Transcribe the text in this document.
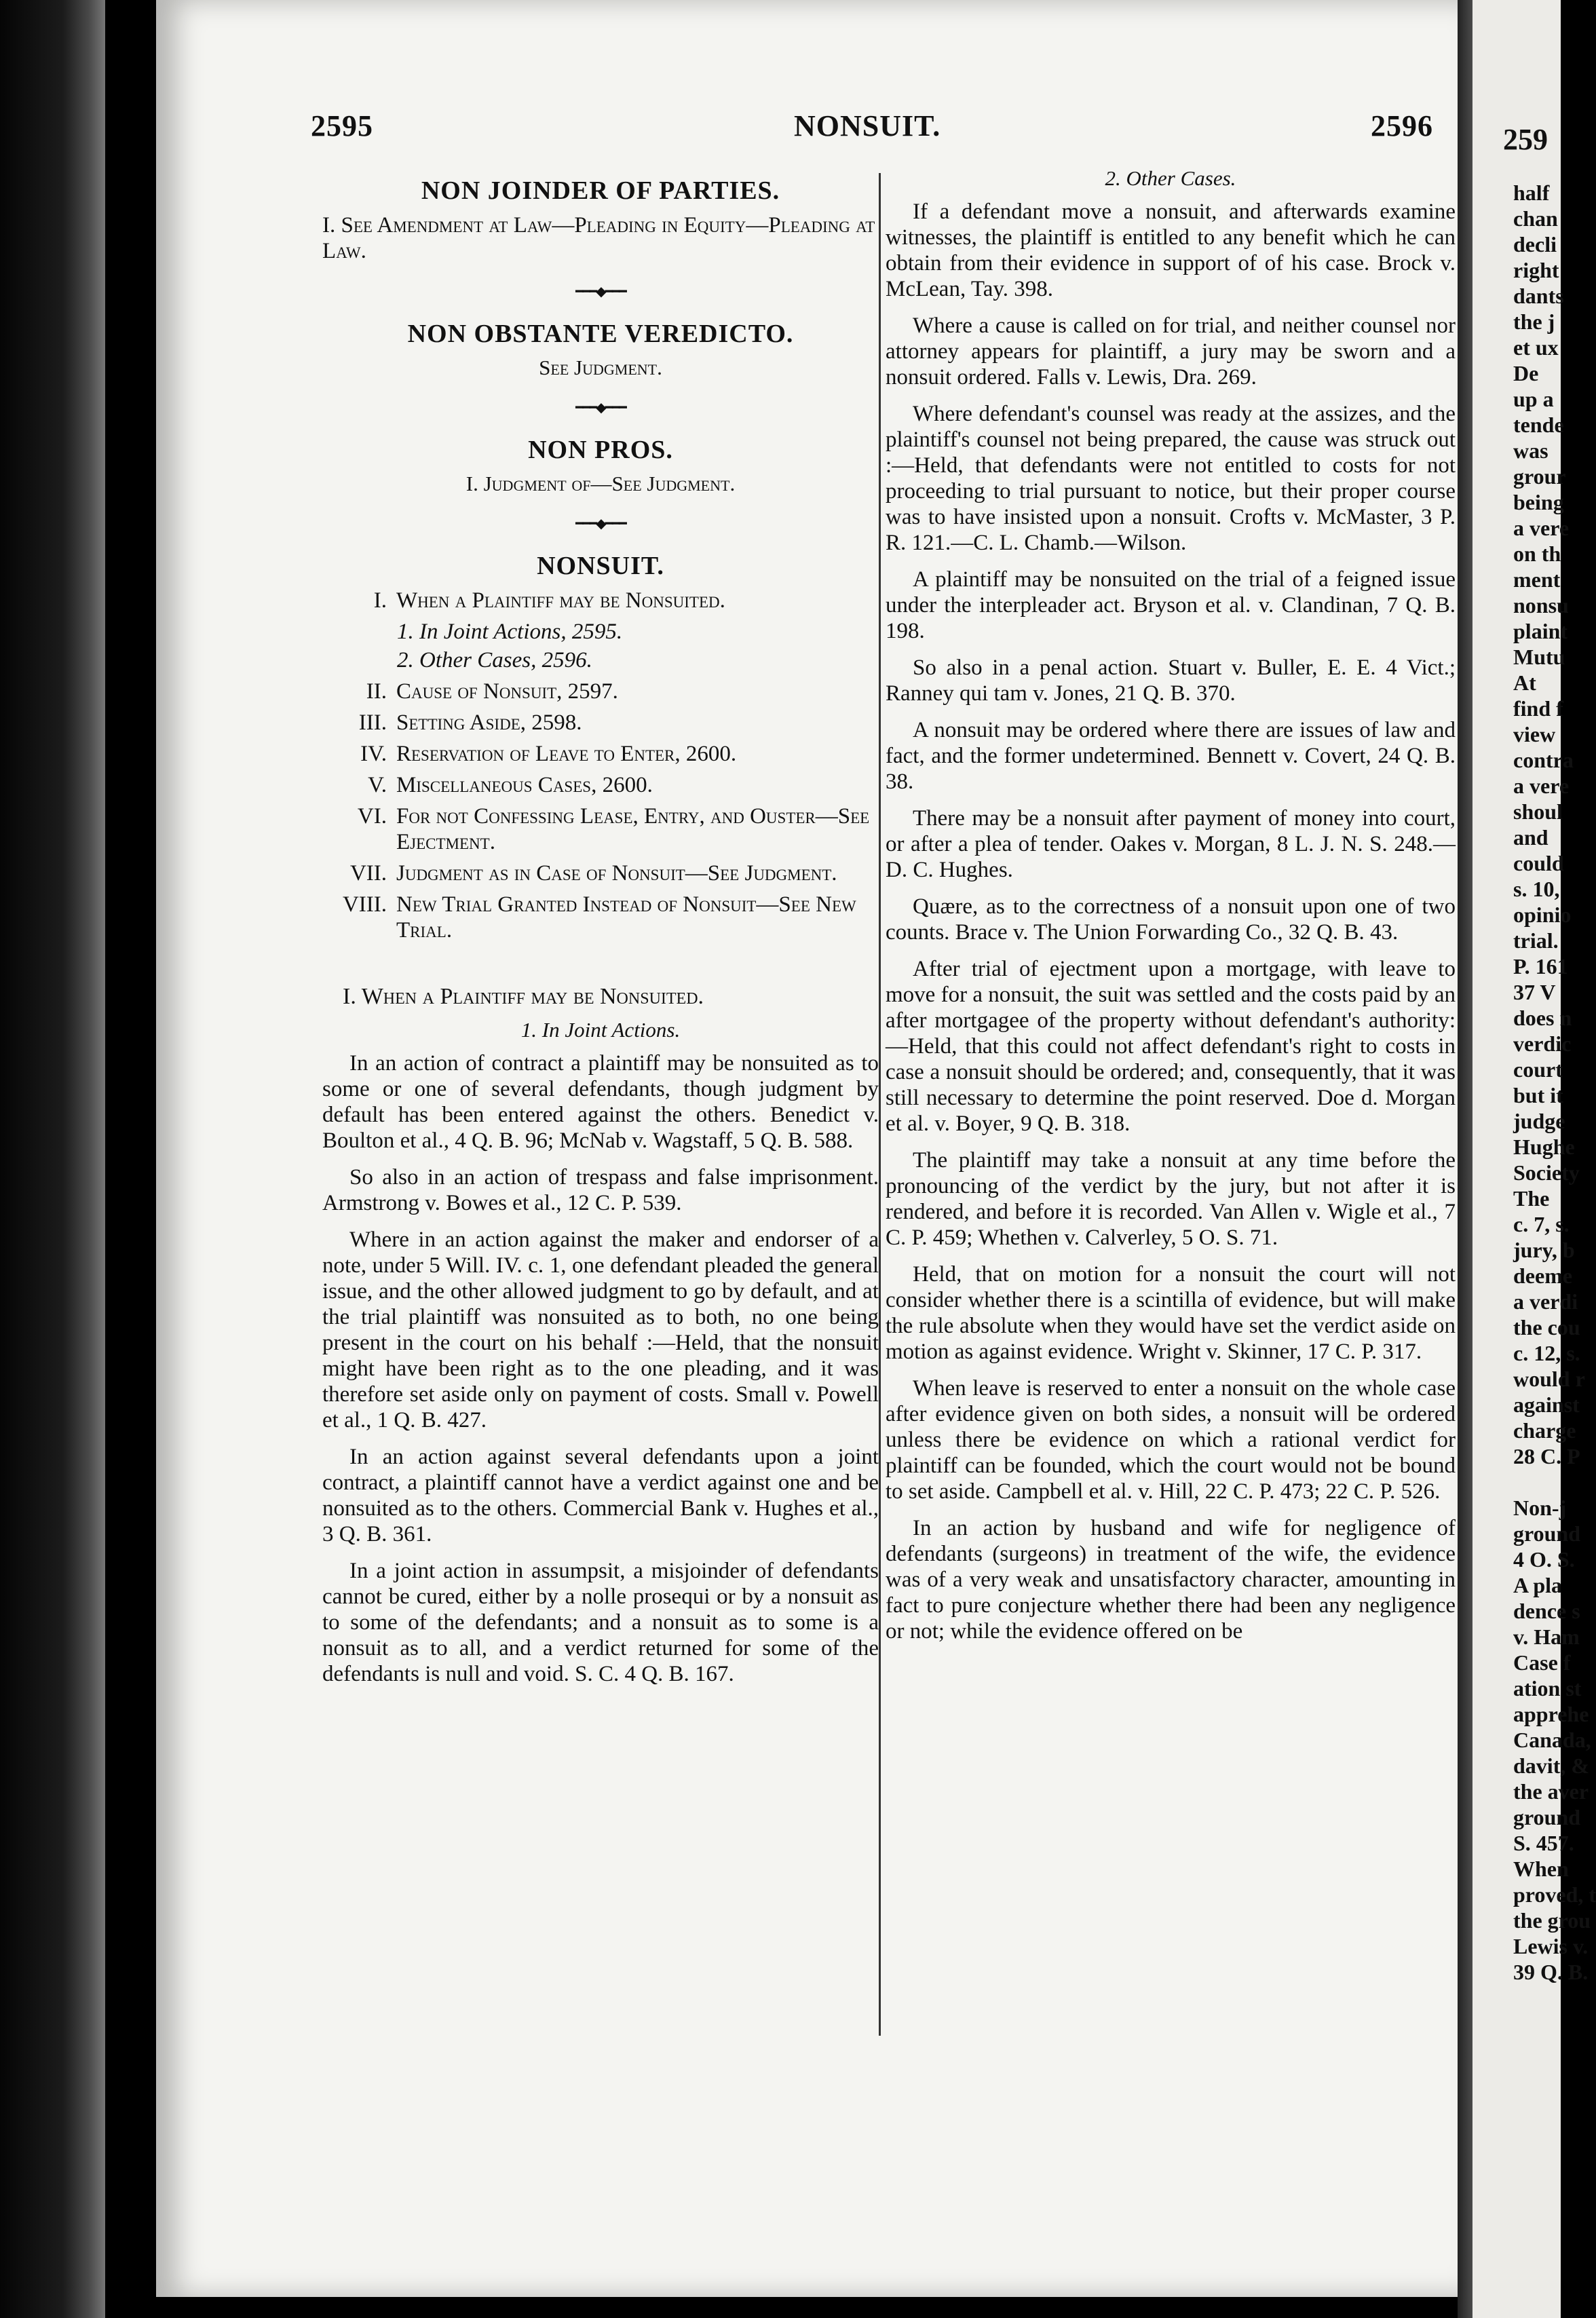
2595	NONSUIT.	2596
NON JOINDER OF PARTIES.
I. See Amendment at Law—Pleading in Equity—Pleading at Law.
━━━◆━━━
NON OBSTANTE VEREDICTO.
See Judgment.
━━━◆━━━
NON PROS.
I. Judgment of—See Judgment.
━━━◆━━━
NONSUIT.
I. When a Plaintiff may be Nonsuited.
1. In Joint Actions, 2595.
2. Other Cases, 2596.
II. Cause of Nonsuit, 2597.
III. Setting Aside, 2598.
IV. Reservation of Leave to Enter, 2600.
V. Miscellaneous Cases, 2600.
VI. For not Confessing Lease, Entry, and Ouster—See Ejectment.
VII. Judgment as in Case of Nonsuit—See Judgment.
VIII. New Trial Granted Instead of Nonsuit—See New Trial.
I. When a Plaintiff may be Nonsuited.
1. In Joint Actions.

In an action of contract a plaintiff may be nonsuited as to some or one of several defendants, though judgment by default has been entered against the others. Benedict v. Boulton et al., 4 Q. B. 96; McNab v. Wagstaff, 5 Q. B. 588.

So also in an action of trespass and false imprisonment. Armstrong v. Bowes et al., 12 C. P. 539.

Where in an action against the maker and endorser of a note, under 5 Will. IV. c. 1, one defendant pleaded the general issue, and the other allowed judgment to go by default, and at the trial plaintiff was nonsuited as to both, no one being present in the court on his behalf :—Held, that the nonsuit might have been right as to the one pleading, and it was therefore set aside only on payment of costs. Small v. Powell et al., 1 Q. B. 427.

In an action against several defendants upon a joint contract, a plaintiff cannot have a verdict against one and be nonsuited as to the others. Commercial Bank v. Hughes et al., 3 Q. B. 361.

In a joint action in assumpsit, a misjoinder of defendants cannot be cured, either by a nolle prosequi or by a nonsuit as to some of the defendants; and a nonsuit as to some is a nonsuit as to all, and a verdict returned for some of the defendants is null and void. S. C. 4 Q. B. 167.

2. Other Cases.

If a defendant move a nonsuit, and afterwards examine witnesses, the plaintiff is entitled to any benefit which he can obtain from their evidence in support of of his case. Brock v. McLean, Tay. 398.

Where a cause is called on for trial, and neither counsel nor attorney appears for plaintiff, a jury may be sworn and a nonsuit ordered. Falls v. Lewis, Dra. 269.

Where defendant's counsel was ready at the assizes, and the plaintiff's counsel not being prepared, the cause was struck out :—Held, that defendants were not entitled to costs for not proceeding to trial pursuant to notice, but their proper course was to have insisted upon a nonsuit. Crofts v. McMaster, 3 P. R. 121.—C. L. Chamb.—Wilson.

A plaintiff may be nonsuited on the trial of a feigned issue under the interpleader act. Bryson et al. v. Clandinan, 7 Q. B. 198.

So also in a penal action. Stuart v. Buller, E. E. 4 Vict.; Ranney qui tam v. Jones, 21 Q. B. 370.

A nonsuit may be ordered where there are issues of law and fact, and the former undetermined. Bennett v. Covert, 24 Q. B. 38.

There may be a nonsuit after payment of money into court, or after a plea of tender. Oakes v. Morgan, 8 L. J. N. S. 248.—D. C. Hughes.

Quære, as to the correctness of a nonsuit upon one of two counts. Brace v. The Union Forwarding Co., 32 Q. B. 43.

After trial of ejectment upon a mortgage, with leave to move for a nonsuit, the suit was settled and the costs paid by an after mortgagee of the property without defendant's authority: —Held, that this could not affect defendant's right to costs in case a nonsuit should be ordered; and, consequently, that it was still necessary to determine the point reserved. Doe d. Morgan et al. v. Boyer, 9 Q. B. 318.

The plaintiff may take a nonsuit at any time before the pronouncing of the verdict by the jury, but not after it is rendered, and before it is recorded. Van Allen v. Wigle et al., 7 C. P. 459; Whethen v. Calverley, 5 O. S. 71.

Held, that on motion for a nonsuit the court will not consider whether there is a scintilla of evidence, but will make the rule absolute when they would have set the verdict aside on motion as against evidence. Wright v. Skinner, 17 C. P. 317.

When leave is reserved to enter a nonsuit on the whole case after evidence given on both sides, a nonsuit will be ordered unless there be evidence on which a rational verdict for plaintiff can be founded, which the court would not be bound to set aside. Campbell et al. v. Hill, 22 C. P. 473; 22 C. P. 526.

In an action by husband and wife for negligence of defendants (surgeons) in treatment of the wife, the evidence was of a very weak and unsatisfactory character, amounting in fact to pure conjecture whether there had been any negligence or not; while the evidence offered on be

259
half
chan
decli
right
dants
the j
et ux
De
up a
tende
was
grour
being
a vere
on th
ment
nonsu
plaint
Mutu
At
find f
view
contra
a vere
shoul
and
could
s. 10,
opinio
trial.
P. 161
37 V
does n
verdic
court
but it
judge
Hughe
Society
The
c. 7, s.
jury, b
deeme
a verdi
the cou
c. 12, s.
would r
against
charge
28 C. P

Non-j
ground
4 O. S.
A pla
dence s
v. Ham
Case f
ation st
apprehe
Canada,
davit, &
the aver
ground
S. 457.
When
proved, t
the grou
Lewis v.
39 Q. B.
